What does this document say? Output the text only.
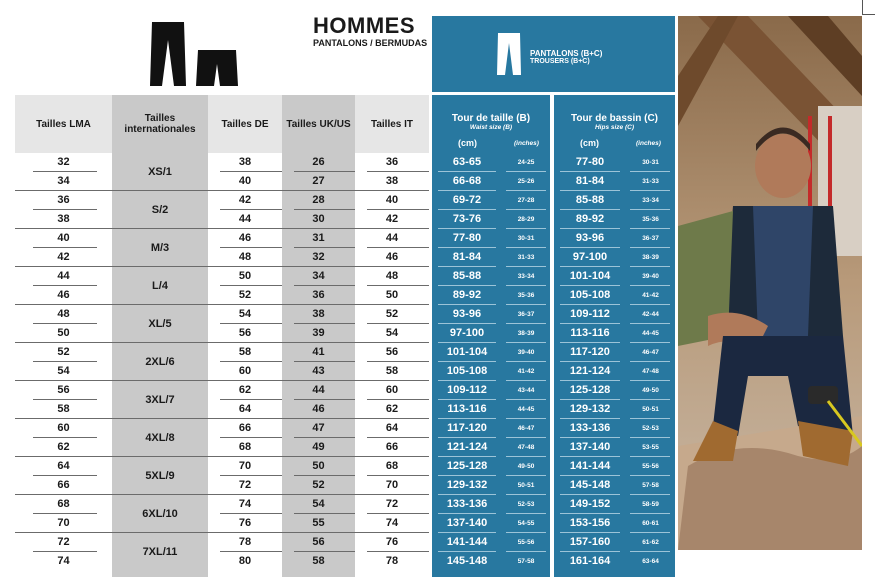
HOMMES
PANTALONS / BERMUDAS
PANTALONS (B+C)
TROUSERS (B+C)
Tailles LMA	Tailles
internationales	Tailles DE	Tailles UK/US	Tailles IT	Tour de taille (B)
Waist size (B)
(cm)	(inches)
Tour de bassin (C)
Hips size (C)
(cm)	(inches)
XS/1
32	38	26	36	63-65	24-25	77-80	30-31
34	40	27	38	66-68	25-26	81-84	31-33
S/2
36	42	28	40	69-72	27-28	85-88	33-34
38	44	30	42	73-76	28-29	89-92	35-36
M/3
40	46	31	44	77-80	30-31	93-96	36-37
42	48	32	46	81-84	31-33	97-100	38-39
L/4
44	50	34	48	85-88	33-34	101-104	39-40
46	52	36	50	89-92	35-36	105-108	41-42
XL/5
48	54	38	52	93-96	36-37	109-112	42-44
50	56	39	54	97-100	38-39	113-116	44-45
2XL/6
52	58	41	56	101-104	39-40	117-120	46-47
54	60	43	58	105-108	41-42	121-124	47-48
3XL/7
56	62	44	60	109-112	43-44	125-128	49-50
58	64	46	62	113-116	44-45	129-132	50-51
4XL/8
60	66	47	64	117-120	46-47	133-136	52-53
62	68	49	66	121-124	47-48	137-140	53-55
5XL/9
64	70	50	68	125-128	49-50	141-144	55-56
66	72	52	70	129-132	50-51	145-148	57-58
6XL/10
68	74	54	72	133-136	52-53	149-152	58-59
70	76	55	74	137-140	54-55	153-156	60-61
7XL/11
72	78	56	76	141-144	55-56	157-160	61-62
74	80	58	78	145-148	57-58	161-164	63-64
